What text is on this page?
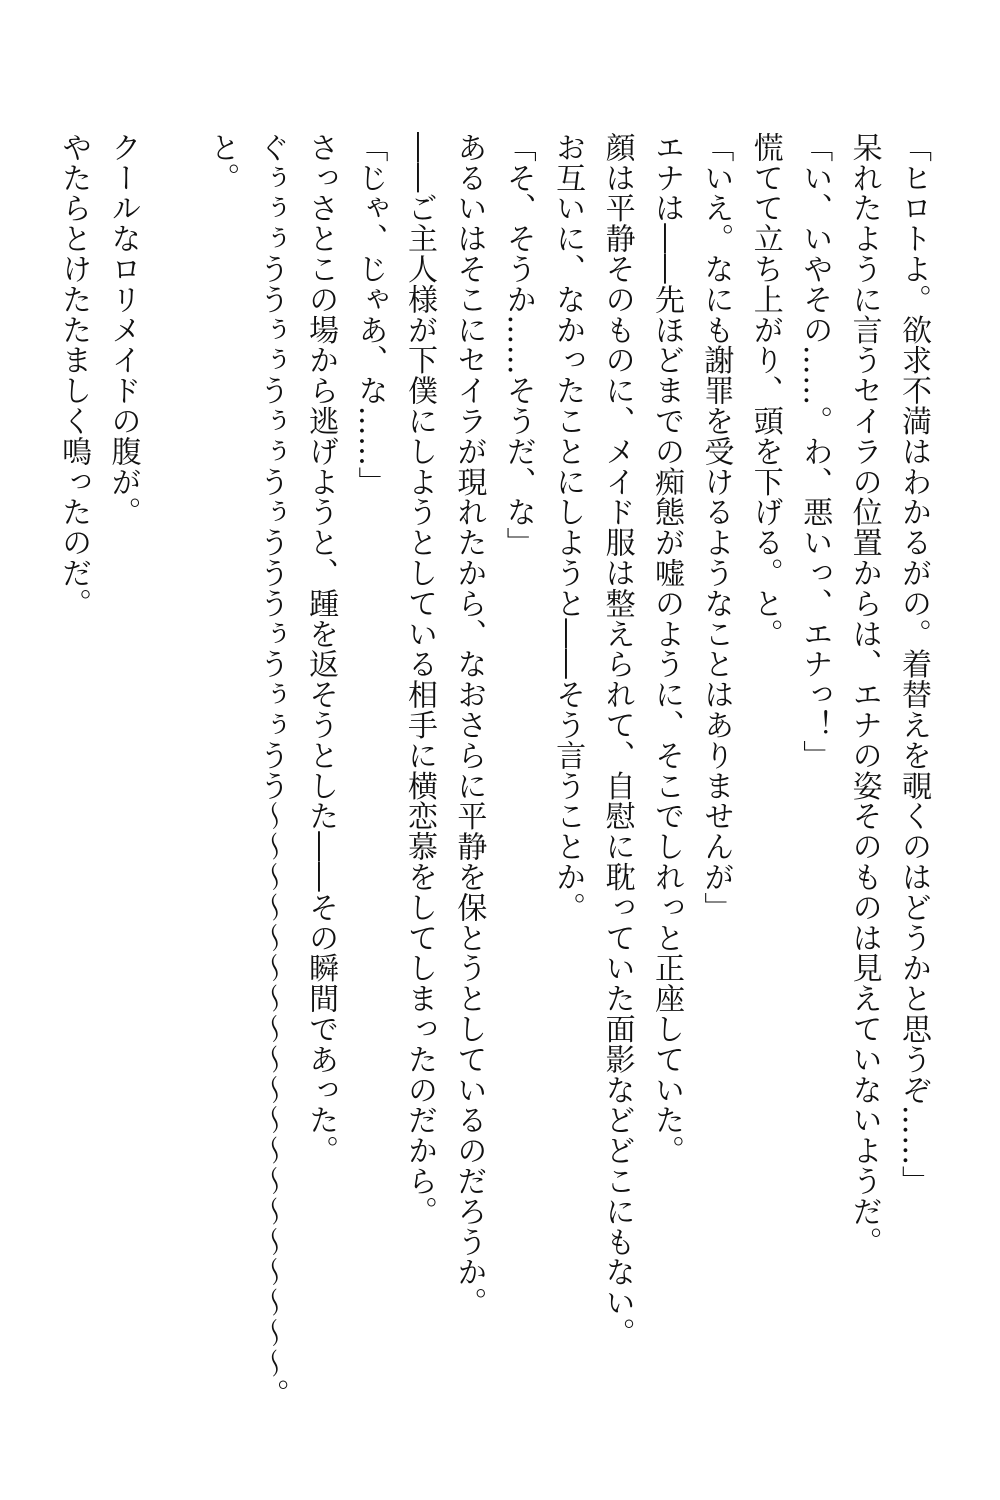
「ヒロトよ。欲求不満はわかるがの。着替えを覗くのはどうかと思うぞ……」

呆れたように言うセイラの位置からは、エナの姿そのものは見えていないようだ。

「い、いやその……。わ、悪いっ、エナっ！」

慌てて立ち上がり、頭を下げる。と。

「いえ。なにも謝罪を受けるようなことはありませんが」

エナは――先ほどまでの痴態が嘘のように、そこでしれっと正座していた。

顔は平静そのものに、メイド服は整えられて、自慰に耽っていた面影などどこにもない。

お互いに、なかったことにしようと――そう言うことか。

「そ、そうか……そうだ、な」

あるいはそこにセイラが現れたから、なおさらに平静を保とうとしているのだろうか。

――ご主人様が下僕にしようとしている相手に横恋慕をしてしまったのだから。

「じゃ、じゃあ、な……」

さっさとこの場から逃げようと、踵を返そうとした――その瞬間であった。

ぐぅぅぅううぅぅうぅぅうぅうううぅうぅぅうう〜〜〜〜〜〜〜〜〜〜〜〜〜〜〜〜〜〜〜。

と。

クールなロリメイドの腹が。

やたらとけたたましく鳴ったのだ。
